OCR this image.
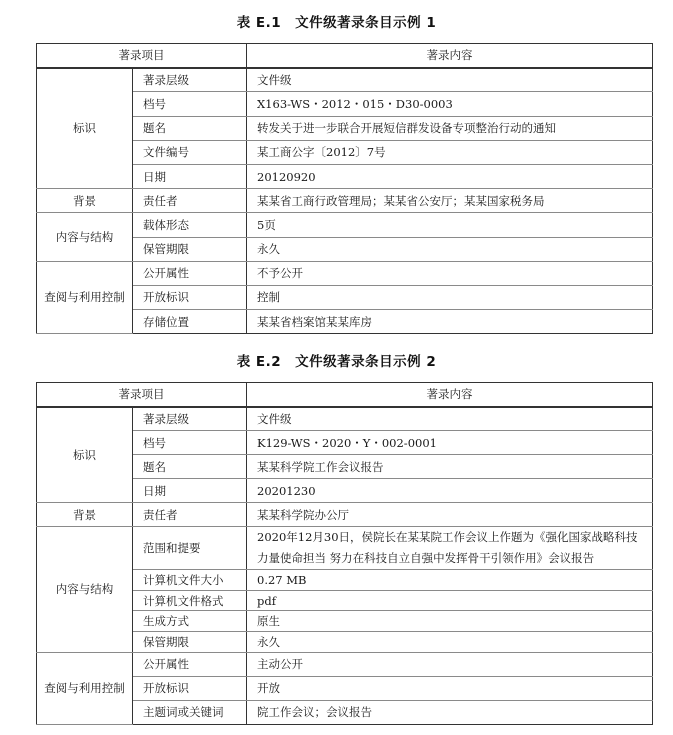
表 E.1 文件级著录条目示例 1
著录项目		著录内容
标识	著录层级	文件级
	档号	X163-WS・2012・015・D30-0003
	题名	转发关于进一步联合开展短信群发设备专项整治行动的通知
	文件编号	某工商公字〔2012〕7号
	日期	20120920
背景	责任者	某某省工商行政管理局；某某省公安厅；某某国家税务局
内容与结构	载体形态	5页
	保管期限	永久
查阅与利用控制	公开属性	不予公开
	开放标识	控制
	存储位置	某某省档案馆某某库房
表 E.2 文件级著录条目示例 2
著录项目		著录内容
标识	著录层级	文件级
	档号	K129-WS・2020・Y・002-0001
	题名	某某科学院工作会议报告
	日期	20201230
背景	责任者	某某科学院办公厅
内容与结构	范围和提要	2020年12月30日，侯院长在某某院工作会议上作题为《强化国家战略科技力量使命担当 努力在科技自立自强中发挥骨干引领作用》会议报告
	计算机文件大小	0.27 MB
	计算机文件格式	pdf
	生成方式	原生
	保管期限	永久
查阅与利用控制	公开属性	主动公开
	开放标识	开放
	主题词或关键词	院工作会议；会议报告
